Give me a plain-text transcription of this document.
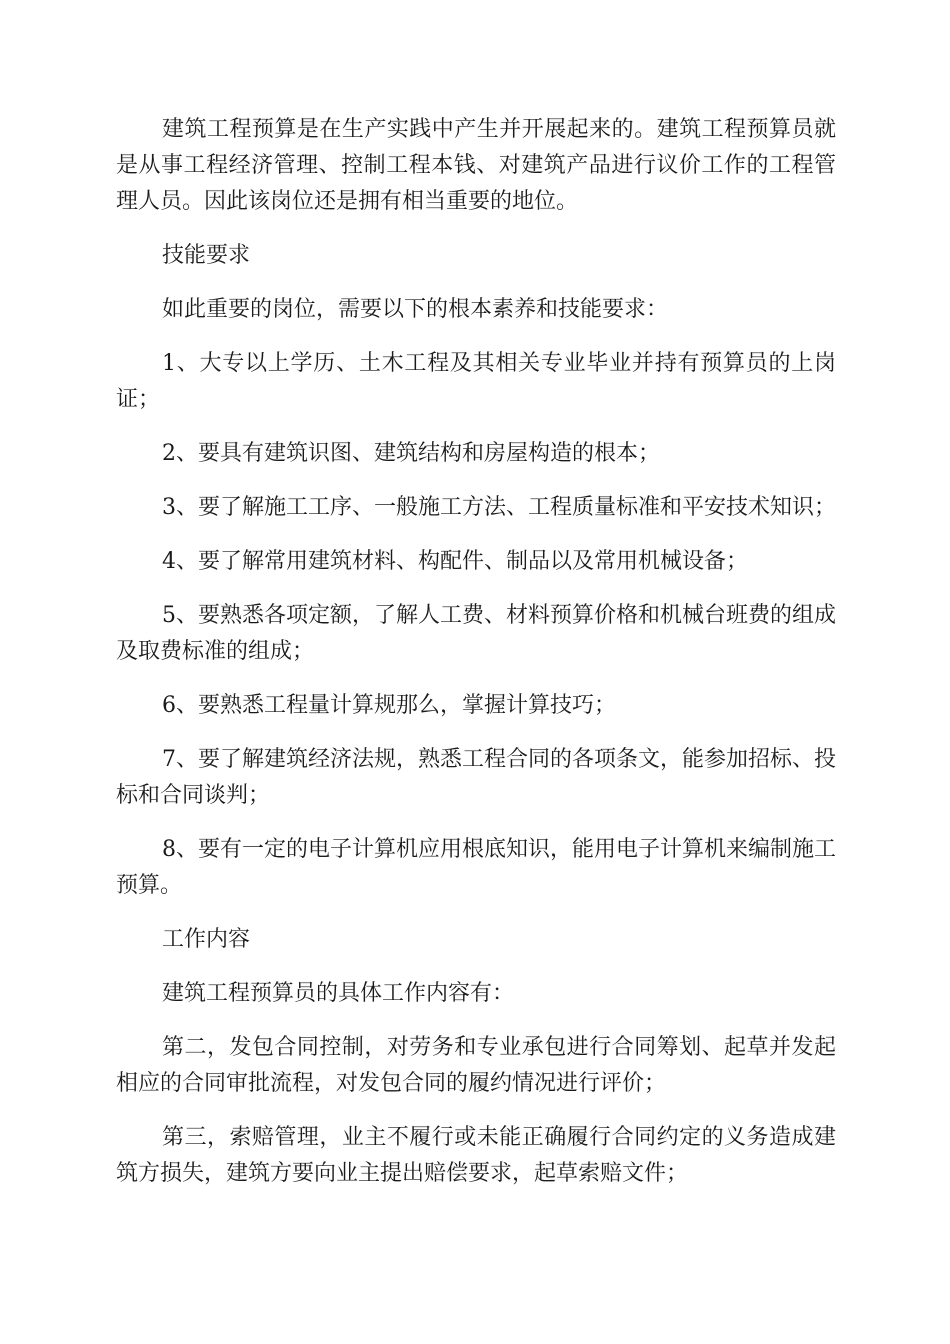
建筑工程预算是在生产实践中产生并开展起来的。建筑工程预算员就是从事工程经济管理、控制工程本钱、对建筑产品进行议价工作的工程管理人员。因此该岗位还是拥有相当重要的地位。

技能要求

如此重要的岗位，需要以下的根本素养和技能要求：

1、大专以上学历、土木工程及其相关专业毕业并持有预算员的上岗证；

2、要具有建筑识图、建筑结构和房屋构造的根本；

3、要了解施工工序、一般施工方法、工程质量标准和平安技术知识；

4、要了解常用建筑材料、构配件、制品以及常用机械设备；

5、要熟悉各项定额，了解人工费、材料预算价格和机械台班费的组成及取费标准的组成；

6、要熟悉工程量计算规那么，掌握计算技巧；

7、要了解建筑经济法规，熟悉工程合同的各项条文，能参加招标、投标和合同谈判；

8、要有一定的电子计算机应用根底知识，能用电子计算机来编制施工预算。

工作内容

建筑工程预算员的具体工作内容有：

第二，发包合同控制，对劳务和专业承包进行合同筹划、起草并发起相应的合同审批流程，对发包合同的履约情况进行评价；

第三，索赔管理，业主不履行或未能正确履行合同约定的义务造成建筑方损失，建筑方要向业主提出赔偿要求，起草索赔文件；
